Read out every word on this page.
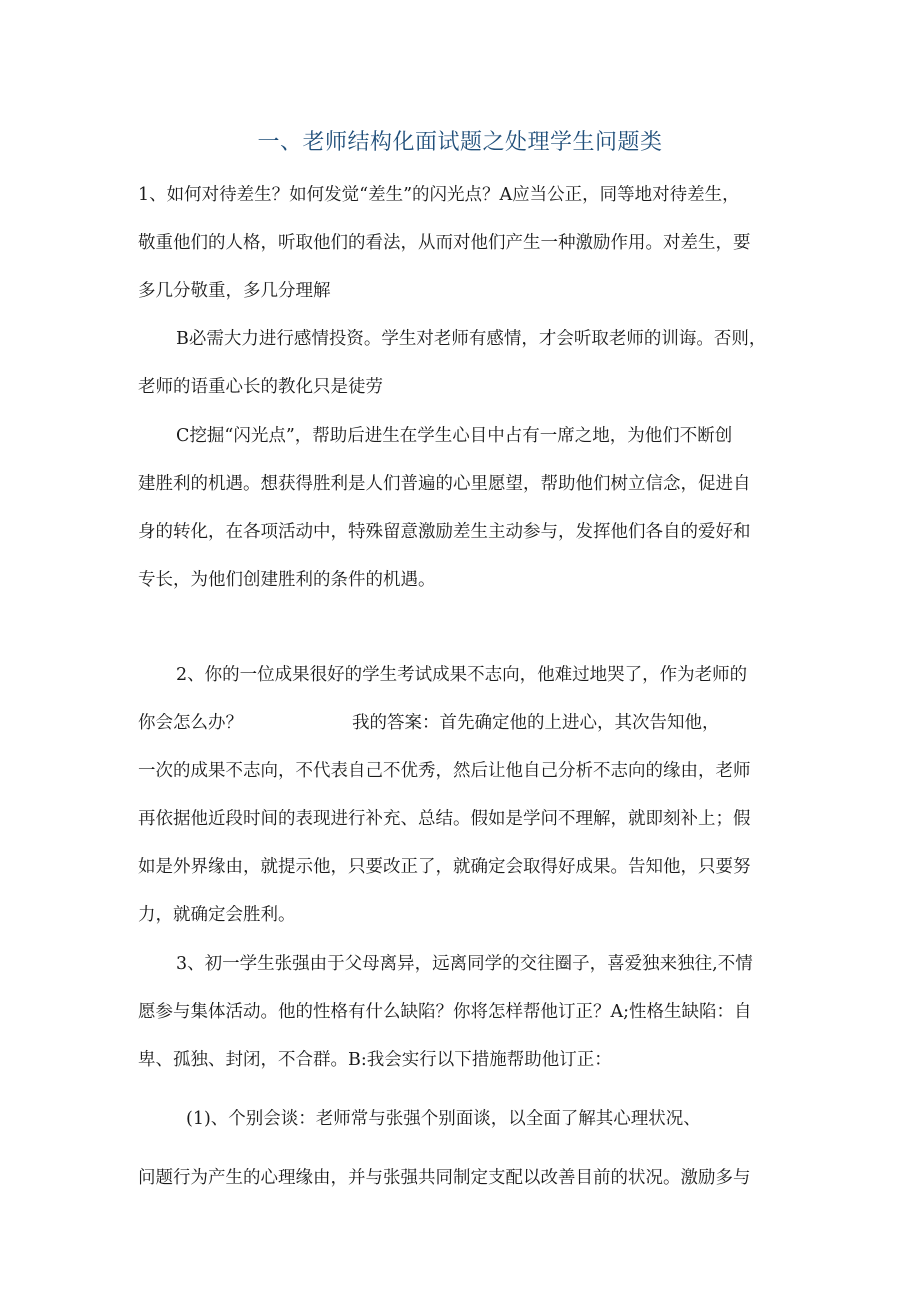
一、老师结构化面试题之处理学生问题类
1、如何对待差生？如何发觉“差生”的闪光点？A应当公正，同等地对待差生，
敬重他们的人格，听取他们的看法，从而对他们产生一种激励作用。对差生，要
多几分敬重，多几分理解
B必需大力进行感情投资。学生对老师有感情，才会听取老师的训诲。否则，
老师的语重心长的教化只是徒劳
C挖掘“闪光点”，帮助后进生在学生心目中占有一席之地，为他们不断创
建胜利的机遇。想获得胜利是人们普遍的心里愿望，帮助他们树立信念，促进自
身的转化，在各项活动中，特殊留意激励差生主动参与，发挥他们各自的爱好和
专长，为他们创建胜利的条件的机遇。
2、你的一位成果很好的学生考试成果不志向，他难过地哭了，作为老师的
你会怎么办？	我的答案：首先确定他的上进心，其次告知他，
一次的成果不志向，不代表自己不优秀，然后让他自己分析不志向的缘由，老师
再依据他近段时间的表现进行补充、总结。假如是学问不理解，就即刻补上；假
如是外界缘由，就提示他，只要改正了，就确定会取得好成果。告知他，只要努
力，就确定会胜利。
3、初一学生张强由于父母离异，远离同学的交往圈子，喜爱独来独往,不情
愿参与集体活动。他的性格有什么缺陷？你将怎样帮他订正？A;性格生缺陷：自
卑、孤独、封闭，不合群。B:我会实行以下措施帮助他订正：
(1)、个别会谈：老师常与张强个别面谈，以全面了解其心理状况、
问题行为产生的心理缘由，并与张强共同制定支配以改善目前的状况。激励多与
